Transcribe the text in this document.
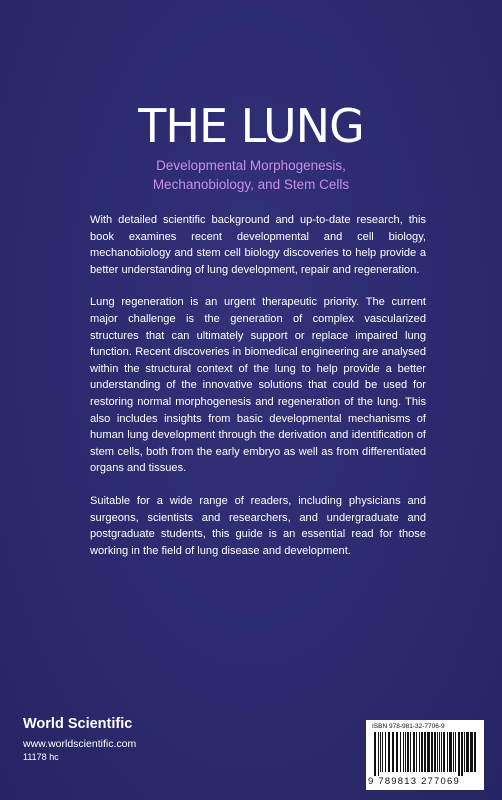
THE LUNG
Developmental Morphogenesis,
Mechanobiology, and Stem Cells

With detailed scientific background and up-to-date research, this book examines recent developmental and cell biology, mechanobiology and stem cell biology discoveries to help provide a better understanding of lung development, repair and regeneration.

Lung regeneration is an urgent therapeutic priority. The current major challenge is the generation of complex vascularized structures that can ultimately support or replace impaired lung function. Recent discoveries in biomedical engineering are analysed within the structural context of the lung to help provide a better understanding of the innovative solutions that could be used for restoring normal morphogenesis and regeneration of the lung. This also includes insights from basic developmental mechanisms of human lung development through the derivation and identification of stem cells, both from the early embryo as well as from differentiated organs and tissues.

Suitable for a wide range of readers, including physicians and surgeons, scientists and researchers, and undergraduate and postgraduate students, this guide is an essential read for those working in the field of lung disease and development.

World Scientific
www.worldscientific.com
11178 hc
ISBN 978-981-32-7706-9
9 789813 277069
